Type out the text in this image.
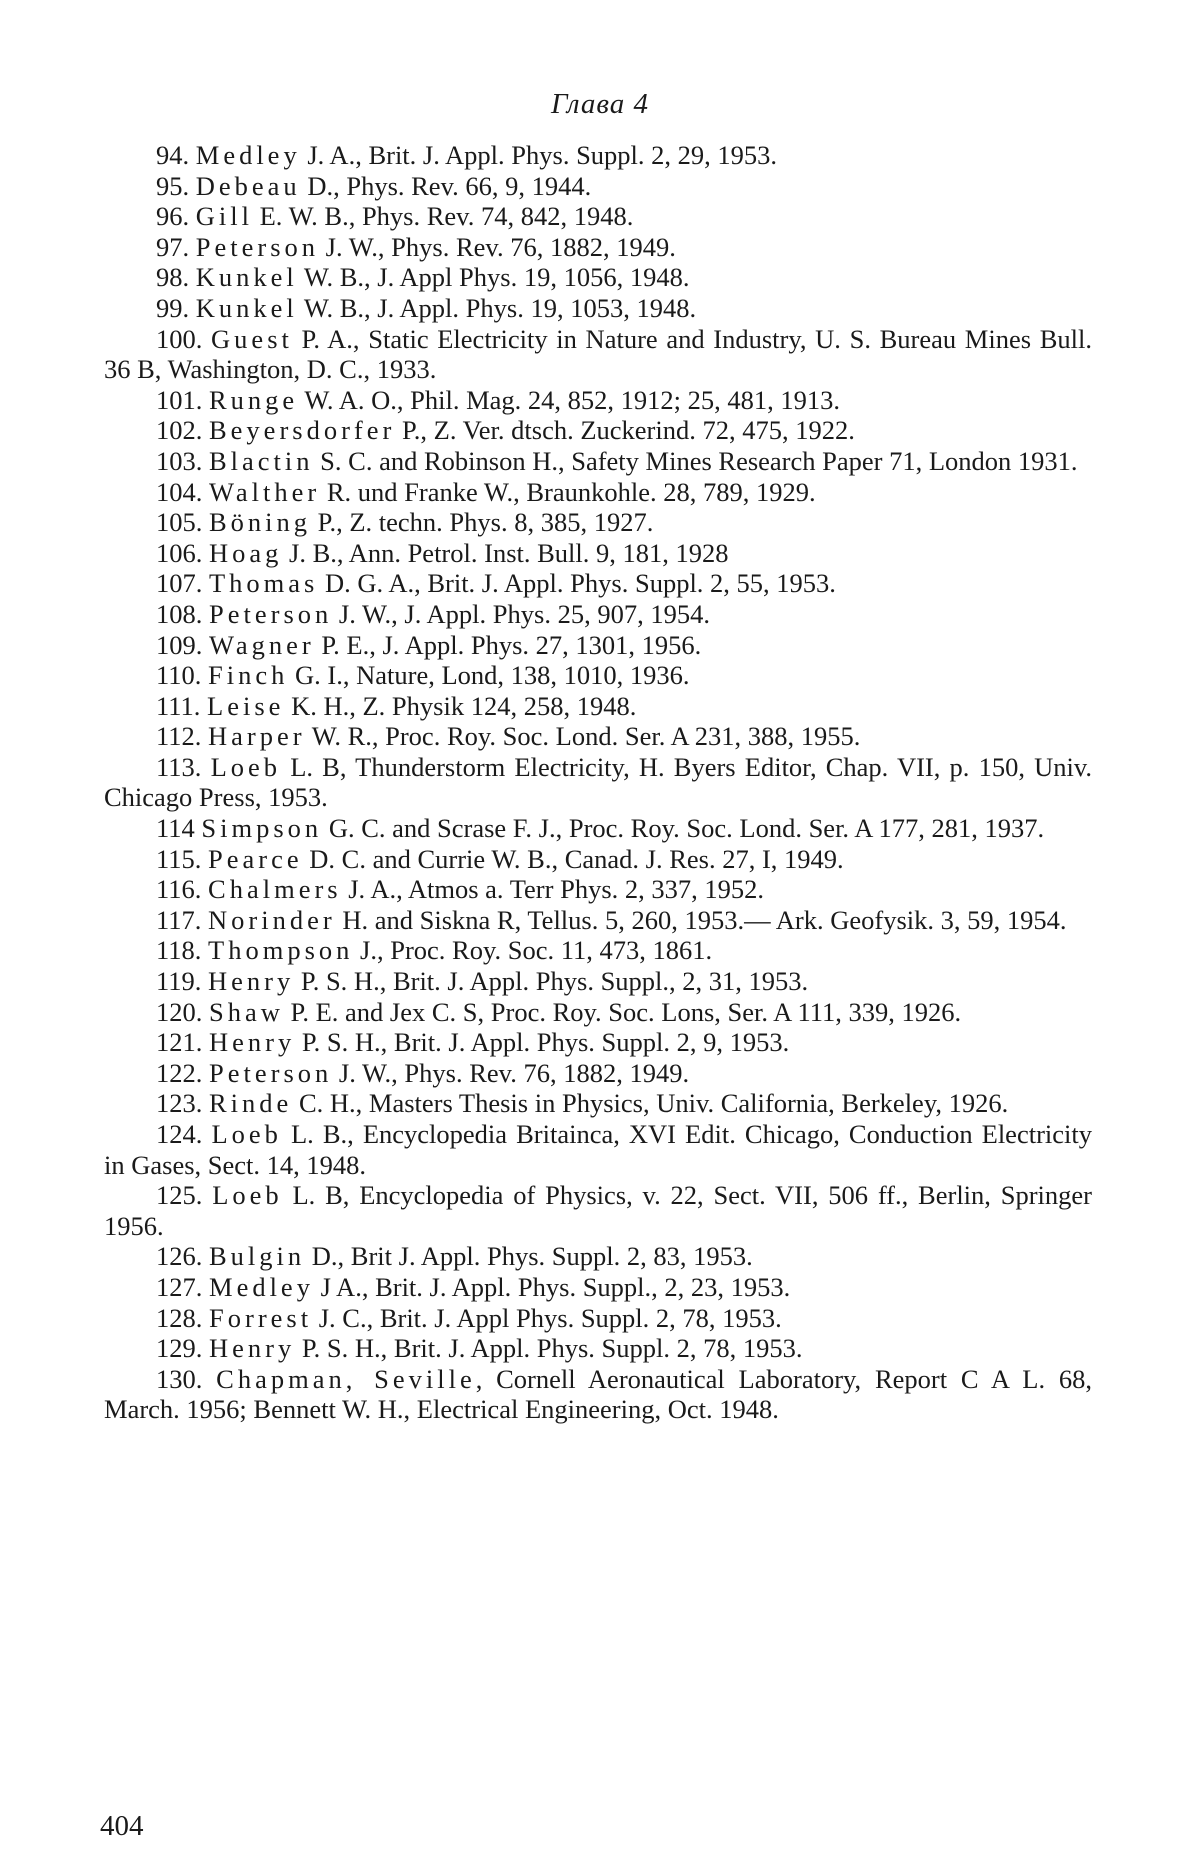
Глава 4

94. Medley J. A., Brit. J. Appl. Phys. Suppl. 2, 29, 1953.

95. Debeau D., Phys. Rev. 66, 9, 1944.

96. Gill E. W. B., Phys. Rev. 74, 842, 1948.

97. Peterson J. W., Phys. Rev. 76, 1882, 1949.

98. Kunkel W. B., J. Appl Phys. 19, 1056, 1948.

99. Kunkel W. B., J. Appl. Phys. 19, 1053, 1948.

100. Guest P. A., Static Electricity in Nature and Industry, U. S. Bureau Mines Bull. 36 B, Washington, D. C., 1933.

101. Runge W. A. O., Phil. Mag. 24, 852, 1912; 25, 481, 1913.

102. Beyersdorfer P., Z. Ver. dtsch. Zuckerind. 72, 475, 1922.

103. Blactin S. C. and Robinson H., Safety Mines Research Paper 71, London 1931.

104. Walther R. und Franke W., Braunkohle. 28, 789, 1929.

105. Böning P., Z. techn. Phys. 8, 385, 1927.

106. Hoag J. B., Ann. Petrol. Inst. Bull. 9, 181, 1928

107. Thomas D. G. A., Brit. J. Appl. Phys. Suppl. 2, 55, 1953.

108. Peterson J. W., J. Appl. Phys. 25, 907, 1954.

109. Wagner P. E., J. Appl. Phys. 27, 1301, 1956.

110. Finch G. I., Nature, Lond, 138, 1010, 1936.

111. Leise K. H., Z. Physik 124, 258, 1948.

112. Harper W. R., Proc. Roy. Soc. Lond. Ser. A 231, 388, 1955.

113. Loeb L. B, Thunderstorm Electricity, H. Byers Editor, Chap. VII, p. 150, Univ. Chicago Press, 1953.

114 Simpson G. C. and Scrase F. J., Proc. Roy. Soc. Lond. Ser. A 177, 281, 1937.

115. Pearce D. C. and Currie W. B., Canad. J. Res. 27, I, 1949.

116. Chalmers J. A., Atmos a. Terr Phys. 2, 337, 1952.

117. Norinder H. and Siskna R, Tellus. 5, 260, 1953.— Ark. Geofysik. 3, 59, 1954.

118. Thompson J., Proc. Roy. Soc. 11, 473, 1861.

119. Henry P. S. H., Brit. J. Appl. Phys. Suppl., 2, 31, 1953.

120. Shaw P. E. and Jex C. S, Proc. Roy. Soc. Lons, Ser. A 111, 339, 1926.

121. Henry P. S. H., Brit. J. Appl. Phys. Suppl. 2, 9, 1953.

122. Peterson J. W., Phys. Rev. 76, 1882, 1949.

123. Rinde C. H., Masters Thesis in Physics, Univ. California, Berkeley, 1926.

124. Loeb L. B., Encyclopedia Britainca, XVI Edit. Chicago, Conduction Electricity in Gases, Sect. 14, 1948.

125. Loeb L. B, Encyclopedia of Physics, v. 22, Sect. VII, 506 ff., Berlin, Springer 1956.

126. Bulgin D., Brit J. Appl. Phys. Suppl. 2, 83, 1953.

127. Medley J A., Brit. J. Appl. Phys. Suppl., 2, 23, 1953.

128. Forrest J. C., Brit. J. Appl Phys. Suppl. 2, 78, 1953.

129. Henry P. S. H., Brit. J. Appl. Phys. Suppl. 2, 78, 1953.

130. Chapman, Seville, Cornell Aeronautical Laboratory, Report C A L. 68, March. 1956; Bennett W. H., Electrical Engineering, Oct. 1948.

404
